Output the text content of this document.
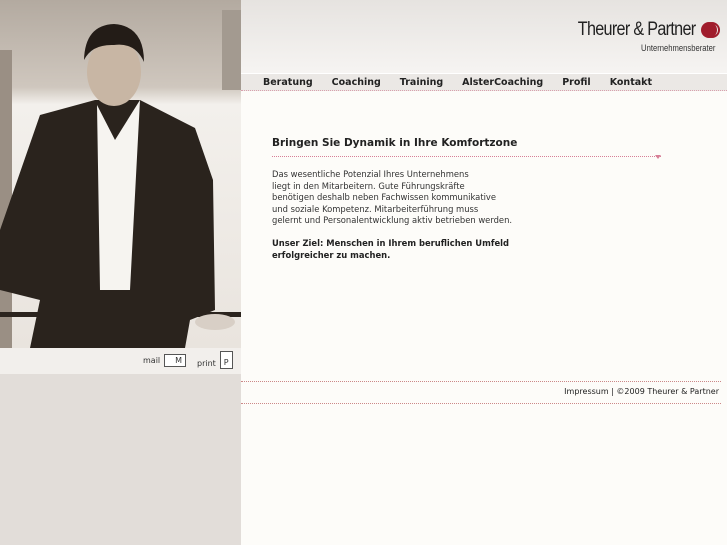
mail	M	print	P
Theurer & Partner
Unternehmensberater
Beratung Coaching Training AlsterCoaching Profil Kontakt
Bringen Sie Dynamik in Ihre Komfortzone

Das wesentliche Potenzial Ihres Unternehmens
liegt in den Mitarbeitern. Gute Führungskräfte
benötigen deshalb neben Fachwissen kommunikative
und soziale Kompetenz. Mitarbeiterführung muss
gelernt und Personalentwicklung aktiv betrieben werden.

Unser Ziel: Menschen in Ihrem beruflichen Umfeld
erfolgreicher zu machen.

Impressum | ©2009 Theurer & Partner
